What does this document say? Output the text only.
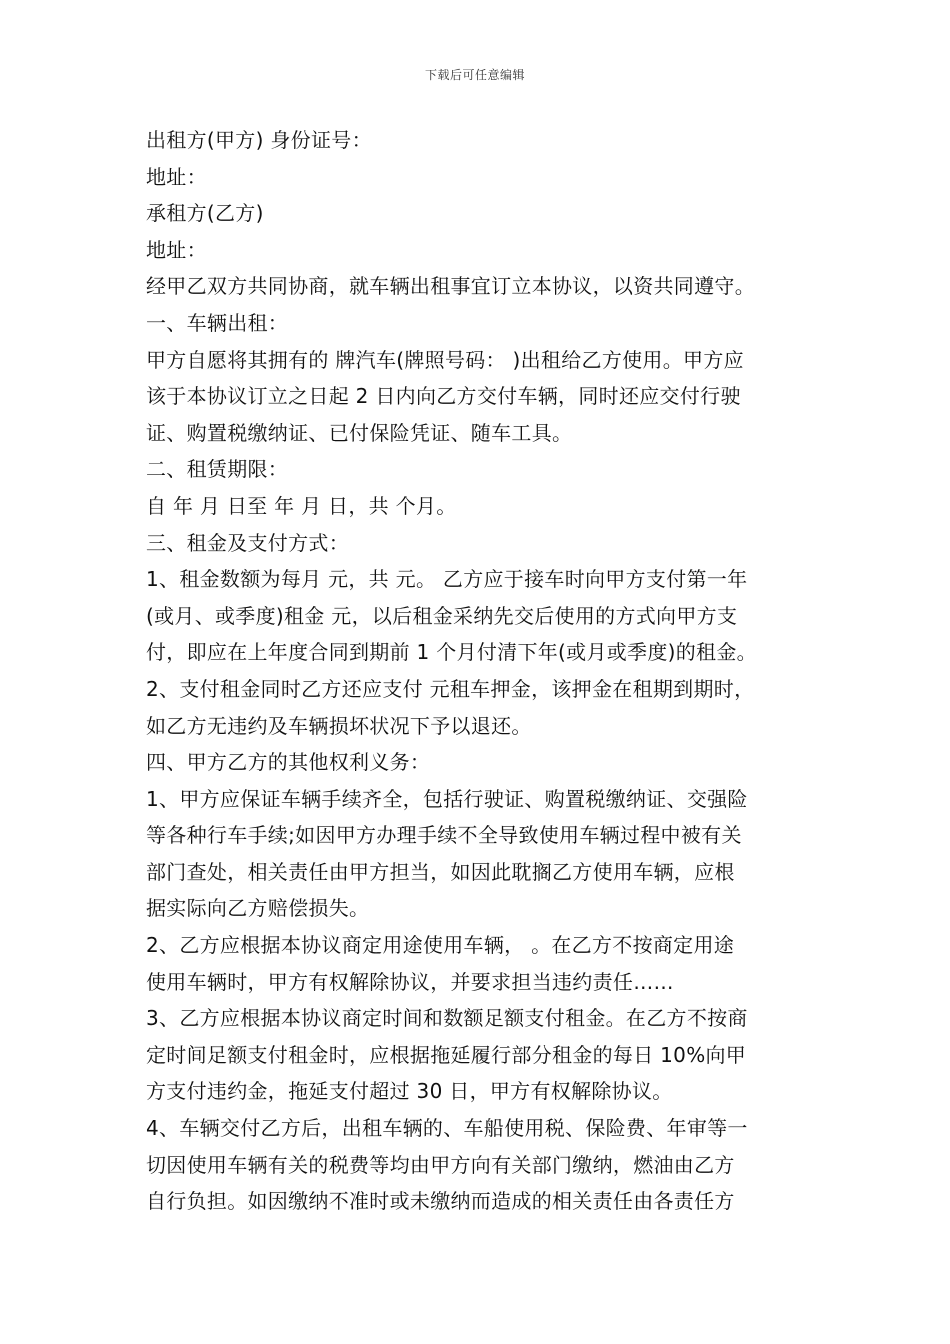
下载后可任意编辑
出租方(甲方) 身份证号：
地址：
承租方(乙方)
地址：
经甲乙双方共同协商，就车辆出租事宜订立本协议，以资共同遵守。
一、车辆出租：
甲方自愿将其拥有的 牌汽车(牌照号码： )出租给乙方使用。甲方应
该于本协议订立之日起 2 日内向乙方交付车辆，同时还应交付行驶
证、购置税缴纳证、已付保险凭证、随车工具。
二、租赁期限：
自 年 月 日至 年 月 日，共 个月。
三、租金及支付方式：
1、租金数额为每月 元，共 元。 乙方应于接车时向甲方支付第一年
(或月、或季度)租金 元，以后租金采纳先交后使用的方式向甲方支
付，即应在上年度合同到期前 1 个月付清下年(或月或季度)的租金。
2、支付租金同时乙方还应支付 元租车押金，该押金在租期到期时，
如乙方无违约及车辆损坏状况下予以退还。
四、甲方乙方的其他权利义务：
1、甲方应保证车辆手续齐全，包括行驶证、购置税缴纳证、交强险
等各种行车手续;如因甲方办理手续不全导致使用车辆过程中被有关
部门查处，相关责任由甲方担当，如因此耽搁乙方使用车辆，应根
据实际向乙方赔偿损失。
2、乙方应根据本协议商定用途使用车辆， 。在乙方不按商定用途
使用车辆时，甲方有权解除协议，并要求担当违约责任……
3、乙方应根据本协议商定时间和数额足额支付租金。在乙方不按商
定时间足额支付租金时，应根据拖延履行部分租金的每日 10%向甲
方支付违约金，拖延支付超过 30 日，甲方有权解除协议。
4、车辆交付乙方后，出租车辆的、车船使用税、保险费、年审等一
切因使用车辆有关的税费等均由甲方向有关部门缴纳，燃油由乙方
自行负担。如因缴纳不准时或未缴纳而造成的相关责任由各责任方
